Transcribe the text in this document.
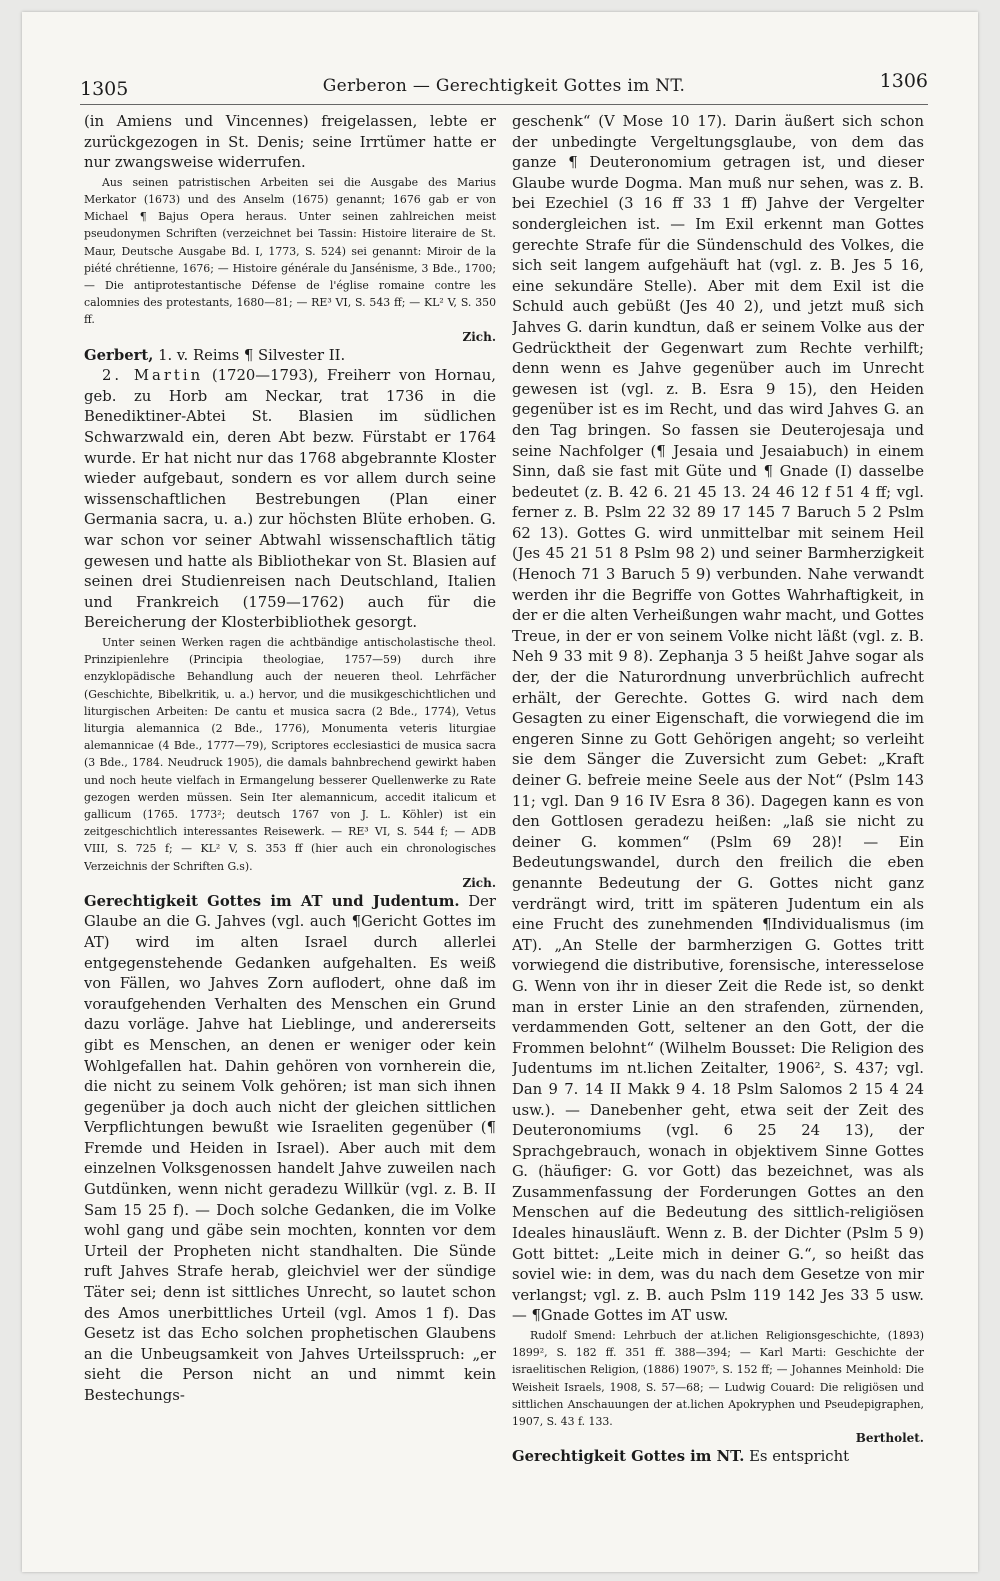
1305	Gerberon — Gerechtigkeit Gottes im NT.	1306

(in Amiens und Vincennes) freigelassen, lebte er zurückgezogen in St. Denis; seine Irrtümer hatte er nur zwangsweise widerrufen.

Aus seinen patristischen Arbeiten sei die Ausgabe des Marius Merkator (1673) und des Anselm (1675) genannt; 1676 gab er von Michael ¶ Bajus Opera heraus. Unter seinen zahlreichen meist pseudonymen Schriften (verzeichnet bei Tassin: Histoire literaire de St. Maur, Deutsche Ausgabe Bd. I, 1773, S. 524) sei genannt: Miroir de la piété chrétienne, 1676; — Histoire générale du Jansénisme, 3 Bde., 1700; — Die antiprotestantische Défense de l'église romaine contre les calomnies des protestants, 1680—81; — RE³ VI, S. 543 ff; — KL² V, S. 350 ff.

Zich.

Gerbert, 1. v. Reims ¶ Silvester II.

2. Martin (1720—1793), Freiherr von Hornau, geb. zu Horb am Neckar, trat 1736 in die Benediktiner-Abtei St. Blasien im südlichen Schwarzwald ein, deren Abt bezw. Fürstabt er 1764 wurde. Er hat nicht nur das 1768 abgebrannte Kloster wieder aufgebaut, sondern es vor allem durch seine wissenschaftlichen Bestrebungen (Plan einer Germania sacra, u. a.) zur höchsten Blüte erhoben. G. war schon vor seiner Abtwahl wissenschaftlich tätig gewesen und hatte als Bibliothekar von St. Blasien auf seinen drei Studienreisen nach Deutschland, Italien und Frankreich (1759—1762) auch für die Bereicherung der Klosterbibliothek gesorgt.

Unter seinen Werken ragen die achtbändige antischolastische theol. Prinzipienlehre (Principia theologiae, 1757—59) durch ihre enzyklopädische Behandlung auch der neueren theol. Lehrfächer (Geschichte, Bibelkritik, u. a.) hervor, und die musikgeschichtlichen und liturgischen Arbeiten: De cantu et musica sacra (2 Bde., 1774), Vetus liturgia alemannica (2 Bde., 1776), Monumenta veteris liturgiae alemannicae (4 Bde., 1777—79), Scriptores ecclesiastici de musica sacra (3 Bde., 1784. Neudruck 1905), die damals bahnbrechend gewirkt haben und noch heute vielfach in Ermangelung besserer Quellenwerke zu Rate gezogen werden müssen. Sein Iter alemannicum, accedit italicum et gallicum (1765. 1773²; deutsch 1767 von J. L. Köhler) ist ein zeitgeschichtlich interessantes Reisewerk. — RE³ VI, S. 544 f; — ADB VIII, S. 725 f; — KL² V, S. 353 ff (hier auch ein chronologisches Verzeichnis der Schriften G.s).

Zich.

Gerechtigkeit Gottes im AT und Judentum. Der Glaube an die G. Jahves (vgl. auch ¶Gericht Gottes im AT) wird im alten Israel durch allerlei entgegenstehende Gedanken aufgehalten. Es weiß von Fällen, wo Jahves Zorn auflodert, ohne daß im voraufgehenden Verhalten des Menschen ein Grund dazu vorläge. Jahve hat Lieblinge, und andererseits gibt es Menschen, an denen er weniger oder kein Wohlgefallen hat. Dahin gehören von vornherein die, die nicht zu seinem Volk gehören; ist man sich ihnen gegenüber ja doch auch nicht der gleichen sittlichen Verpflichtungen bewußt wie Israeliten gegenüber (¶ Fremde und Heiden in Israel). Aber auch mit dem einzelnen Volksgenossen handelt Jahve zuweilen nach Gutdünken, wenn nicht geradezu Willkür (vgl. z. B. II Sam 15 25 f). — Doch solche Gedanken, die im Volke wohl gang und gäbe sein mochten, konnten vor dem Urteil der Propheten nicht standhalten. Die Sünde ruft Jahves Strafe herab, gleichviel wer der sündige Täter sei; denn ist sittliches Unrecht, so lautet schon des Amos unerbittliches Urteil (vgl. Amos 1 f). Das Gesetz ist das Echo solchen prophetischen Glaubens an die Unbeugsamkeit von Jahves Urteilsspruch: „er sieht die Person nicht an und nimmt kein Bestechungs-

geschenk“ (V Mose 10 17). Darin äußert sich schon der unbedingte Vergeltungsglaube, von dem das ganze ¶ Deuteronomium getragen ist, und dieser Glaube wurde Dogma. Man muß nur sehen, was z. B. bei Ezechiel (3 16 ff 33 1 ff) Jahve der Vergelter sondergleichen ist. — Im Exil erkennt man Gottes gerechte Strafe für die Sündenschuld des Volkes, die sich seit langem aufgehäuft hat (vgl. z. B. Jes 5 16, eine sekundäre Stelle). Aber mit dem Exil ist die Schuld auch gebüßt (Jes 40 2), und jetzt muß sich Jahves G. darin kundtun, daß er seinem Volke aus der Gedrücktheit der Gegenwart zum Rechte verhilft; denn wenn es Jahve gegenüber auch im Unrecht gewesen ist (vgl. z. B. Esra 9 15), den Heiden gegenüber ist es im Recht, und das wird Jahves G. an den Tag bringen. So fassen sie Deuterojesaja und seine Nachfolger (¶ Jesaia und Jesaiabuch) in einem Sinn, daß sie fast mit Güte und ¶ Gnade (I) dasselbe bedeutet (z. B. 42 6. 21 45 13. 24 46 12 f 51 4 ff; vgl. ferner z. B. Pslm 22 32 89 17 145 7 Baruch 5 2 Pslm 62 13). Gottes G. wird unmittelbar mit seinem Heil (Jes 45 21 51 8 Pslm 98 2) und seiner Barmherzigkeit (Henoch 71 3 Baruch 5 9) verbunden. Nahe verwandt werden ihr die Begriffe von Gottes Wahrhaftigkeit, in der er die alten Verheißungen wahr macht, und Gottes Treue, in der er von seinem Volke nicht läßt (vgl. z. B. Neh 9 33 mit 9 8). Zephanja 3 5 heißt Jahve sogar als der, der die Naturordnung unverbrüchlich aufrecht erhält, der Gerechte. Gottes G. wird nach dem Gesagten zu einer Eigenschaft, die vorwiegend die im engeren Sinne zu Gott Gehörigen angeht; so verleiht sie dem Sänger die Zuversicht zum Gebet: „Kraft deiner G. befreie meine Seele aus der Not“ (Pslm 143 11; vgl. Dan 9 16 IV Esra 8 36). Dagegen kann es von den Gottlosen geradezu heißen: „laß sie nicht zu deiner G. kommen“ (Pslm 69 28)! — Ein Bedeutungswandel, durch den freilich die eben genannte Bedeutung der G. Gottes nicht ganz verdrängt wird, tritt im späteren Judentum ein als eine Frucht des zunehmenden ¶Individualismus (im AT). „An Stelle der barmherzigen G. Gottes tritt vorwiegend die distributive, forensische, interesselose G. Wenn von ihr in dieser Zeit die Rede ist, so denkt man in erster Linie an den strafenden, zürnenden, verdammenden Gott, seltener an den Gott, der die Frommen belohnt“ (Wilhelm Bousset: Die Religion des Judentums im nt.lichen Zeitalter, 1906², S. 437; vgl. Dan 9 7. 14 II Makk 9 4. 18 Pslm Salomos 2 15 4 24 usw.). — Danebenher geht, etwa seit der Zeit des Deuteronomiums (vgl. 6 25 24 13), der Sprachgebrauch, wonach in objektivem Sinne Gottes G. (häufiger: G. vor Gott) das bezeichnet, was als Zusammenfassung der Forderungen Gottes an den Menschen auf die Bedeutung des sittlich-religiösen Ideales hinausläuft. Wenn z. B. der Dichter (Pslm 5 9) Gott bittet: „Leite mich in deiner G.“, so heißt das soviel wie: in dem, was du nach dem Gesetze von mir verlangst; vgl. z. B. auch Pslm 119 142 Jes 33 5 usw. — ¶Gnade Gottes im AT usw.

Rudolf Smend: Lehrbuch der at.lichen Religionsgeschichte, (1893) 1899², S. 182 ff. 351 ff. 388—394; — Karl Marti: Geschichte der israelitischen Religion, (1886) 1907⁵, S. 152 ff; — Johannes Meinhold: Die Weisheit Israels, 1908, S. 57—68; — Ludwig Couard: Die religiösen und sittlichen Anschauungen der at.lichen Apokryphen und Pseudepigraphen, 1907, S. 43 f. 133.

Bertholet.

Gerechtigkeit Gottes im NT. Es entspricht
